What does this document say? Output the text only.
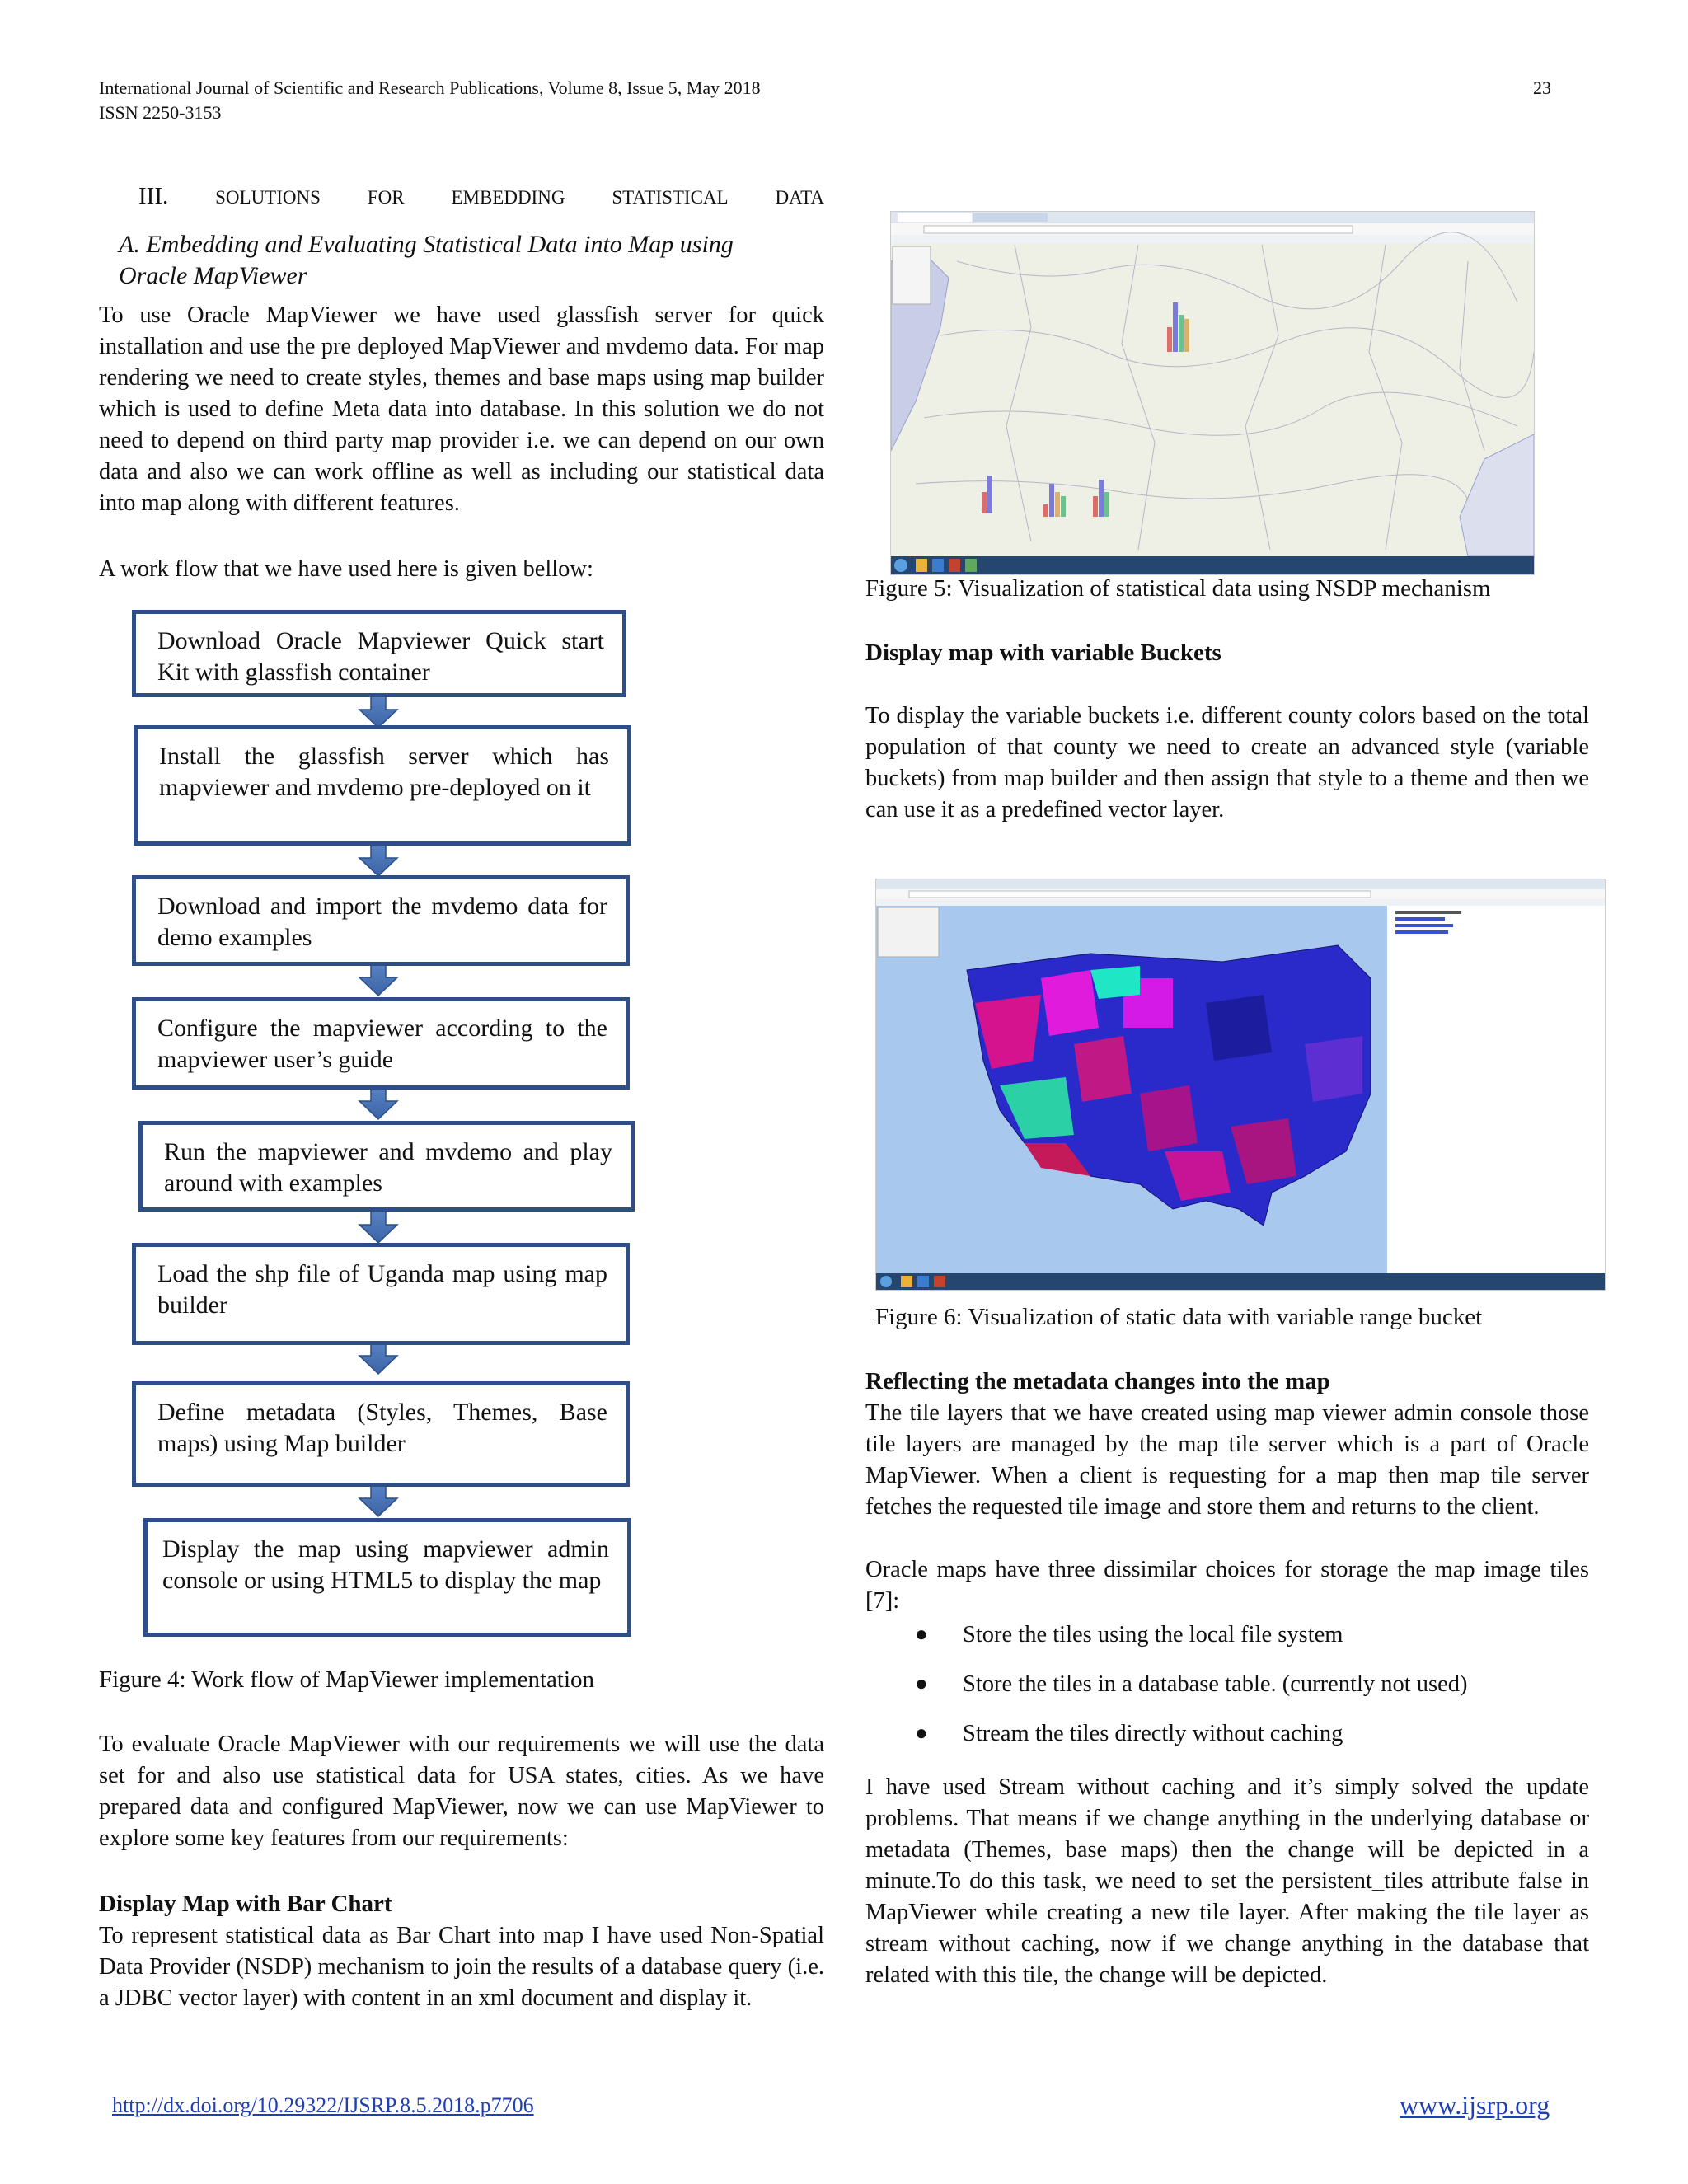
International Journal of Scientific and Research Publications, Volume 8, Issue 5, May 2018
ISSN 2250-3153
23
III. SOLUTIONS FOR EMBEDDING STATISTICAL DATA
A. Embedding and Evaluating Statistical Data into Map using
Oracle MapViewer
To use Oracle MapViewer we have used glassfish server for quick installation and use the pre deployed MapViewer and mvdemo data. For map rendering we need to create styles, themes and base maps using map builder which is used to define Meta data into database. In this solution we do not need to depend on third party map provider i.e. we can depend on our own data and also we can work offline as well as including our statistical data into map along with different features.
A work flow that we have used here is given bellow:
Download Oracle Mapviewer Quick start Kit with glassfish container
Install the glassfish server which has mapviewer and mvdemo pre-deployed on it
Download and import the mvdemo data for demo examples
Configure the mapviewer according to the mapviewer user’s guide
Run the mapviewer and mvdemo and play around with examples
Load the shp file of Uganda map using map builder
Define metadata (Styles, Themes, Base maps) using Map builder
Display the map using mapviewer admin console or using HTML5 to display the map
Figure 4: Work flow of MapViewer implementation
To evaluate Oracle MapViewer with our requirements we will use the data set for and also use statistical data for USA states, cities. As we have prepared data and configured MapViewer, now we can use MapViewer to explore some key features from our requirements:
Display Map with Bar Chart
To represent statistical data as Bar Chart into map I have used Non-Spatial Data Provider (NSDP) mechanism to join the results of a database query (i.e. a JDBC vector layer) with content in an xml document and display it.
Figure 5: Visualization of statistical data using NSDP mechanism
Display map with variable Buckets
To display the variable buckets i.e. different county colors based on the total population of that county we need to create an advanced style (variable buckets) from map builder and then assign that style to a theme and then we can use it as a predefined vector layer.
Figure 6: Visualization of static data with variable range bucket
Reflecting the metadata changes into the map
The tile layers that we have created using map viewer admin console those tile layers are managed by the map tile server which is a part of Oracle MapViewer. When a client is requesting for a map then map tile server fetches the requested tile image and store them and returns to the client.
Oracle maps have three dissimilar choices for storage the map image tiles [7]:
● Store the tiles using the local file system
● Store the tiles in a database table. (currently not used)
● Stream the tiles directly without caching
I have used Stream without caching and it’s simply solved the update problems. That means if we change anything in the underlying database or metadata (Themes, base maps) then the change will be depicted in a minute.To do this task, we need to set the persistent_tiles attribute false in MapViewer while creating a new tile layer. After making the tile layer as stream without caching, now if we change anything in the database that related with this tile, the change will be depicted.
http://dx.doi.org/10.29322/IJSRP.8.5.2018.p7706	www.ijsrp.org
